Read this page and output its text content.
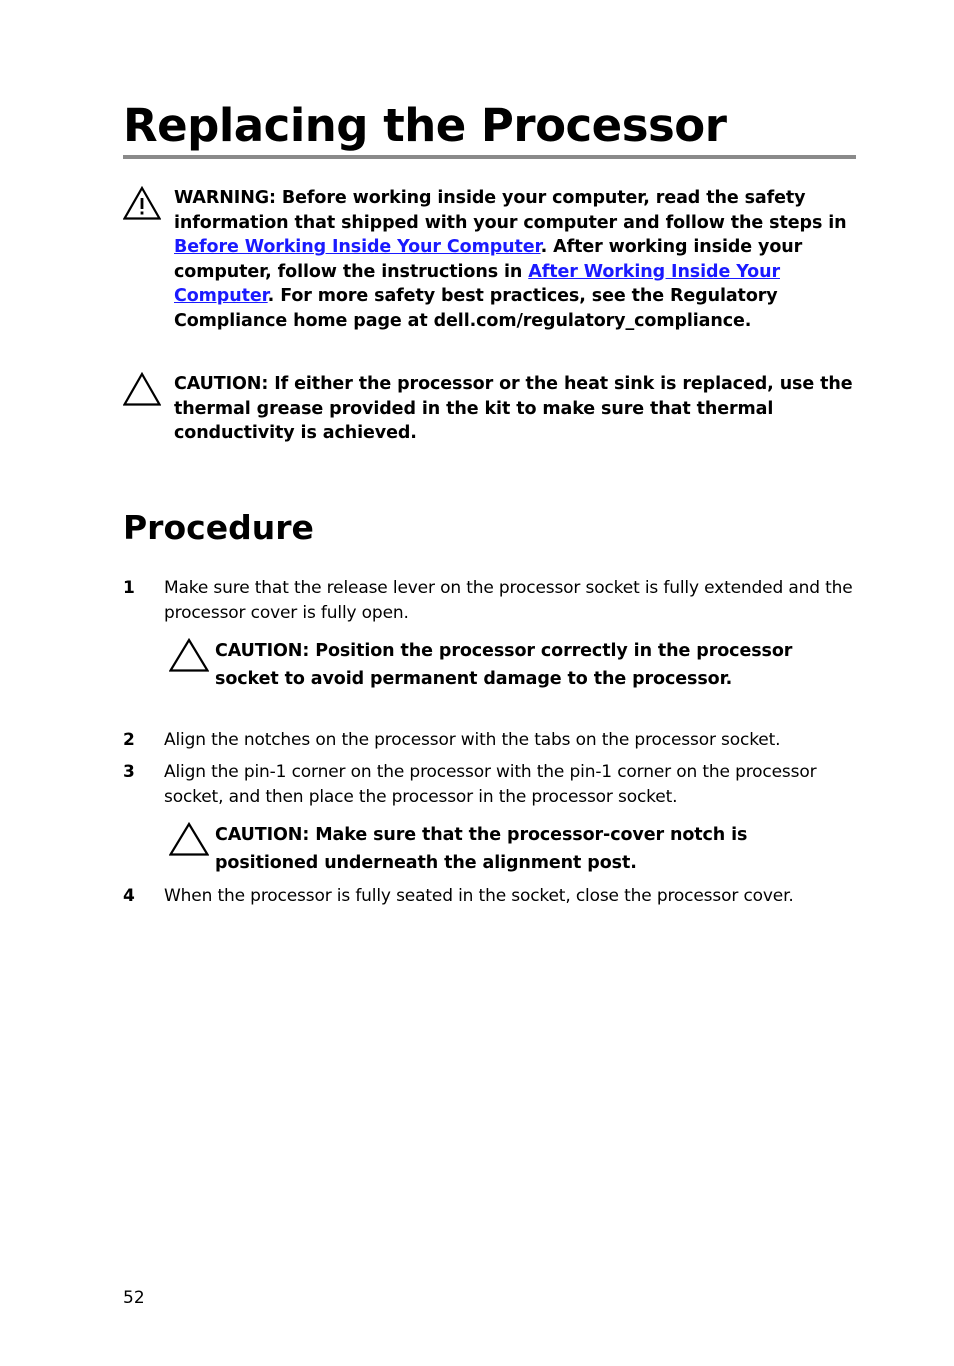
Replacing the Processor
WARNING: Before working inside your computer, read the safety information that shipped with your computer and follow the steps in Before Working Inside Your Computer. After working inside your computer, follow the instructions in After Working Inside Your Computer. For more safety best practices, see the Regulatory Compliance home page at dell.com/regulatory_compliance.
CAUTION: If either the processor or the heat sink is replaced, use the thermal grease provided in the kit to make sure that thermal conductivity is achieved.
Procedure
1 Make sure that the release lever on the processor socket is fully extended and the processor cover is fully open.
CAUTION: Position the processor correctly in the processor socket to avoid permanent damage to the processor.
2 Align the notches on the processor with the tabs on the processor socket.
3 Align the pin-1 corner on the processor with the pin-1 corner on the processor socket, and then place the processor in the processor socket.
CAUTION: Make sure that the processor-cover notch is positioned underneath the alignment post.
4 When the processor is fully seated in the socket, close the processor cover.
52
